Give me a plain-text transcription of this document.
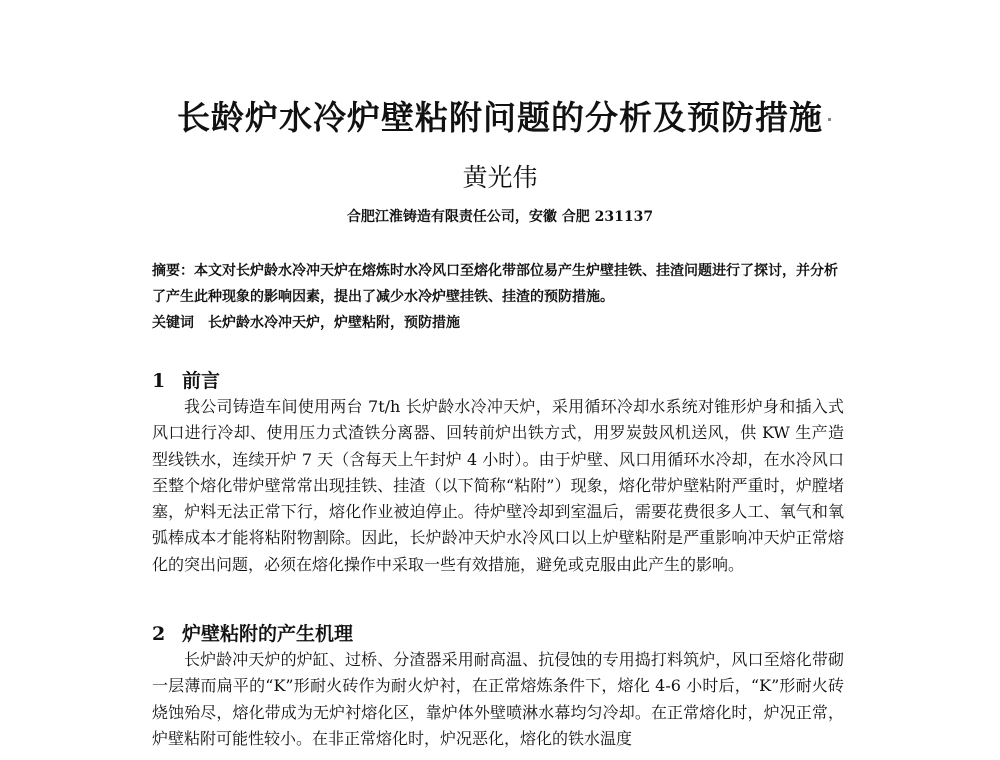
长龄炉水冷炉壁粘附问题的分析及预防措施
黄光伟
合肥江淮铸造有限责任公司，安徽 合肥 231137

摘要：本文对长炉龄水冷冲天炉在熔炼时水冷风口至熔化带部位易产生炉壁挂铁、挂渣问题进行了探讨，并分析了产生此种现象的影响因素，提出了减少水冷炉壁挂铁、挂渣的预防措施。

关键词 长炉龄水冷冲天炉，炉壁粘附，预防措施

1 前言

我公司铸造车间使用两台 7t/h 长炉龄水冷冲天炉，采用循环冷却水系统对锥形炉身和插入式风口进行冷却、使用压力式渣铁分离器、回转前炉出铁方式，用罗炭鼓风机送风，供 KW 生产造型线铁水，连续开炉 7 天（含每天上午封炉 4 小时）。由于炉壁、风口用循环水冷却，在水冷风口至整个熔化带炉壁常常出现挂铁、挂渣（以下简称“粘附”）现象，熔化带炉壁粘附严重时，炉膛堵塞，炉料无法正常下行，熔化作业被迫停止。待炉壁冷却到室温后，需要花费很多人工、氧气和氧弧棒成本才能将粘附物割除。因此，长炉龄冲天炉水冷风口以上炉壁粘附是严重影响冲天炉正常熔化的突出问题，必须在熔化操作中采取一些有效措施，避免或克服由此产生的影响。

2 炉壁粘附的产生机理

长炉龄冲天炉的炉缸、过桥、分渣器采用耐高温、抗侵蚀的专用捣打料筑炉，风口至熔化带砌一层薄而扁平的“K”形耐火砖作为耐火炉衬，在正常熔炼条件下，熔化 4-6 小时后，“K”形耐火砖烧蚀殆尽，熔化带成为无炉衬熔化区，靠炉体外壁喷淋水幕均匀冷却。在正常熔化时，炉况正常，炉壁粘附可能性较小。在非正常熔化时，炉况恶化，熔化的铁水温度
